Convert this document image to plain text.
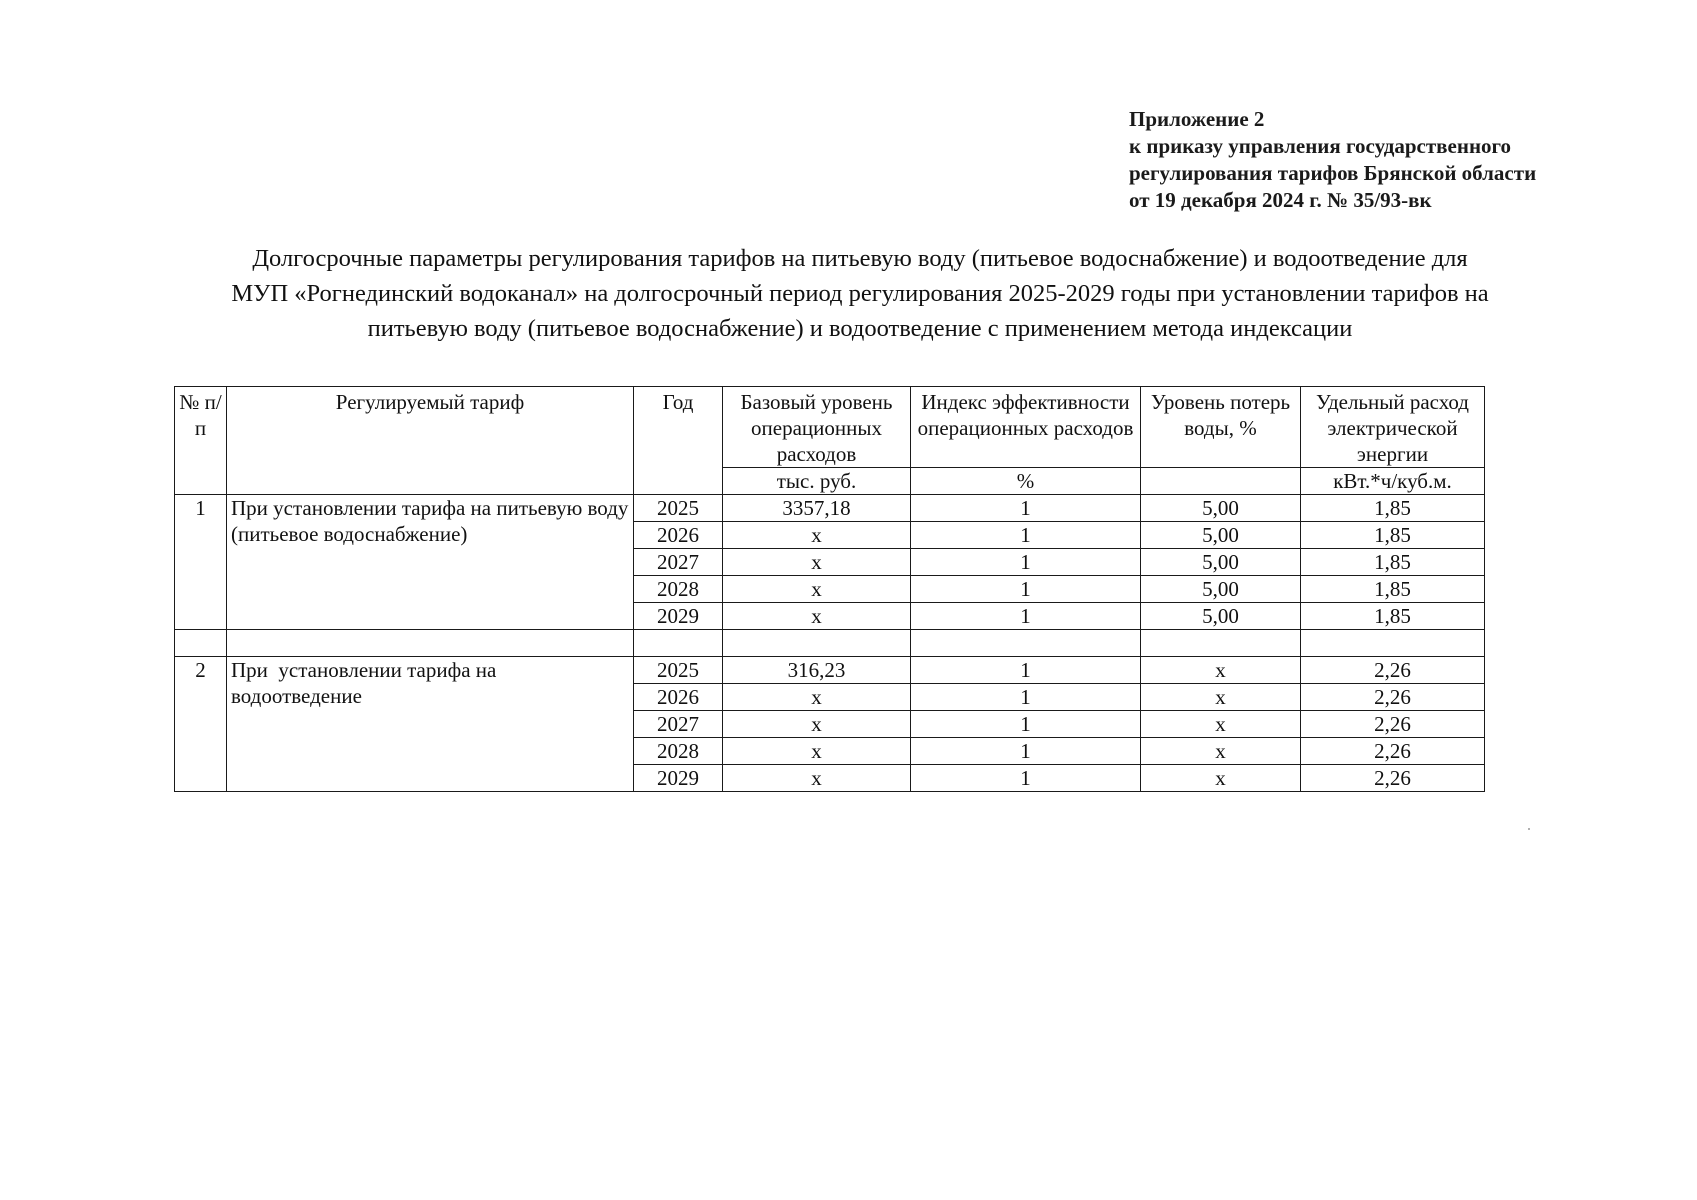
Приложение 2
к приказу управления государственного
регулирования тарифов Брянской области
от 19 декабря 2024 г. № 35/93-вк
Долгосрочные параметры регулирования тарифов на питьевую воду (питьевое водоснабжение) и водоотведение для
МУП «Рогнединский водоканал» на долгосрочный период регулирования 2025-2029 годы при установлении тарифов на
питьевую воду (питьевое водоснабжение) и водоотведение с применением метода индексации
№ п/п	Регулируемый тариф	Год	Базовый уровень операционных расходов	Индекс эффективности операционных расходов	Уровень потерь воды, %	Удельный расход электрической энергии
			тыс. руб.	%		кВт.*ч/куб.м.
1	При установлении тарифа на питьевую воду (питьевое водоснабжение)	2025	3357,18	1	5,00	1,85
		2026	х	1	5,00	1,85
		2027	х	1	5,00	1,85
		2028	х	1	5,00	1,85
		2029	х	1	5,00	1,85

2	При  установлении тарифа на водоотведение	2025	316,23	1	х	2,26
		2026	х	1	х	2,26
		2027	х	1	х	2,26
		2028	х	1	х	2,26
		2029	х	1	х	2,26
